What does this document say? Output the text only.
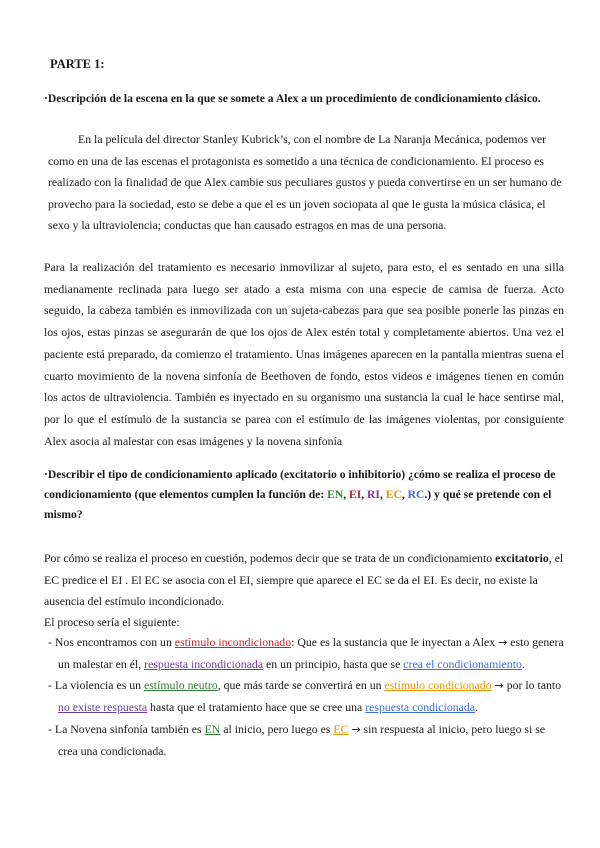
PARTE 1:

·Descripción de la escena en la que se somete a Alex a un procedimiento de condicionamiento clásico.

En la película del director Stanley Kubrick’s, con el nombre de La Naranja Mecánica, podemos ver como en una de las escenas el protagonista es sometido a una técnica de condicionamiento. El proceso es realizado con la finalidad de que Alex cambie sus peculiares gustos y pueda convertirse en un ser humano de provecho para la sociedad, esto se debe a que el es un joven sociopata al que le gusta la música clásica, el sexo y la ultraviolencia; conductas que han causado estragos en mas de una persona.

Para la realización del tratamiento es necesario inmovilizar al sujeto, para esto, el es sentado en una silla medianamente reclinada para luego ser atado a esta misma con una especie de camisa de fuerza. Acto seguido, la cabeza también es inmovilizada con un sujeta-cabezas para que sea posible ponerle las pinzas en los ojos, estas pinzas se asegurarán de que los ojos de Alex estén total y completamente abiertos. Una vez el paciente está preparado, da comienzo el tratamiento. Unas imágenes aparecen en la pantalla mientras suena el cuarto movimiento de la novena sinfonía de Beethoven de fondo, estos videos e imágenes tienen en común los actos de ultraviolencia. También es inyectado en su organismo una sustancia la cual le hace sentirse mal, por lo que el estímulo de la sustancia se parea con el estímulo de las imágenes violentas, por consiguiente Alex asocia al malestar con esas imágenes y la novena sinfonía

·Describir el tipo de condicionamiento aplicado (excitatorio o inhibitorio) ¿cómo se realiza el proceso de condicionamiento (que elementos cumplen la función de: EN, EI, RI, EC, RC.) y qué se pretende con el mismo?

Por cómo se realiza el proceso en cuestión, podemos decir que se trata de un condicionamiento excitatorio, el EC predice el EI . El EC se asocia con el EI, siempre que aparece el EC se da el EI. Es decir, no existe la ausencia del estímulo incondicionado.

El proceso sería el siguiente:

- Nos encontramos con un estímulo incondicionado: Que es la sustancia que le inyectan a Alex → esto genera un malestar en él, respuesta incondicionada en un principio, hasta que se crea el condicionamiento.
- La violencia es un estímulo neutro, que más tarde se convertirá en un estímulo condicionado → por lo tanto no existe respuesta hasta que el tratamiento hace que se cree una respuesta condicionada.
- La Novena sinfonía también es EN al inicio, pero luego es EC → sin respuesta al inicio, pero luego si se crea una condicionada.
